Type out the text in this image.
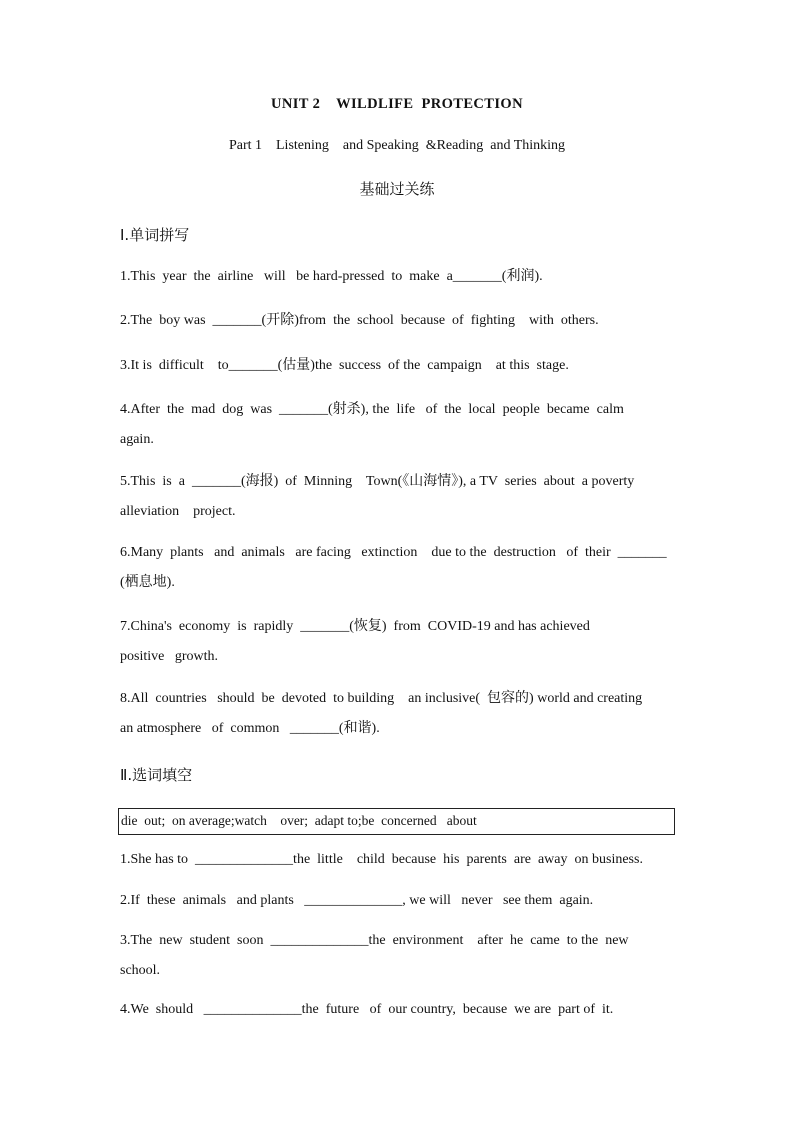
UNIT 2    WILDLIFE  PROTECTION
Part 1    Listening    and Speaking  &Reading  and Thinking
基础过关练
Ⅰ.单词拼写
1.This  year  the  airline   will   be hard-pressed  to  make  a_______(利润).
2.The  boy was  _______(开除)from  the  school  because  of  fighting    with  others.
3.It is  difficult    to_______(估量)the  success  of the  campaign    at this  stage.
4.After  the  mad  dog  was  _______(射杀), the  life   of  the  local  people  became  calm
again.
5.This  is  a  _______(海报)  of  Minning    Town(《山海情》), a TV  series  about  a poverty
alleviation    project.
6.Many  plants   and  animals   are facing   extinction    due to the  destruction   of  their  _______
(栖息地).
7.China's  economy  is  rapidly  _______(恢复)  from  COVID-19 and has achieved
positive   growth.
8.All  countries   should  be  devoted  to building    an inclusive(  包容的) world and creating
an atmosphere   of  common   _______(和谐).
Ⅱ.选词填空
die  out;  on average;watch    over;  adapt to;be  concerned   about
1.She has to  ______________the  little    child  because  his  parents  are  away  on business.
2.If  these  animals   and plants   ______________, we will   never   see them  again.
3.The  new  student  soon  ______________the  environment    after  he  came  to the  new
school.
4.We  should   ______________the  future   of  our country,  because  we are  part of  it.
